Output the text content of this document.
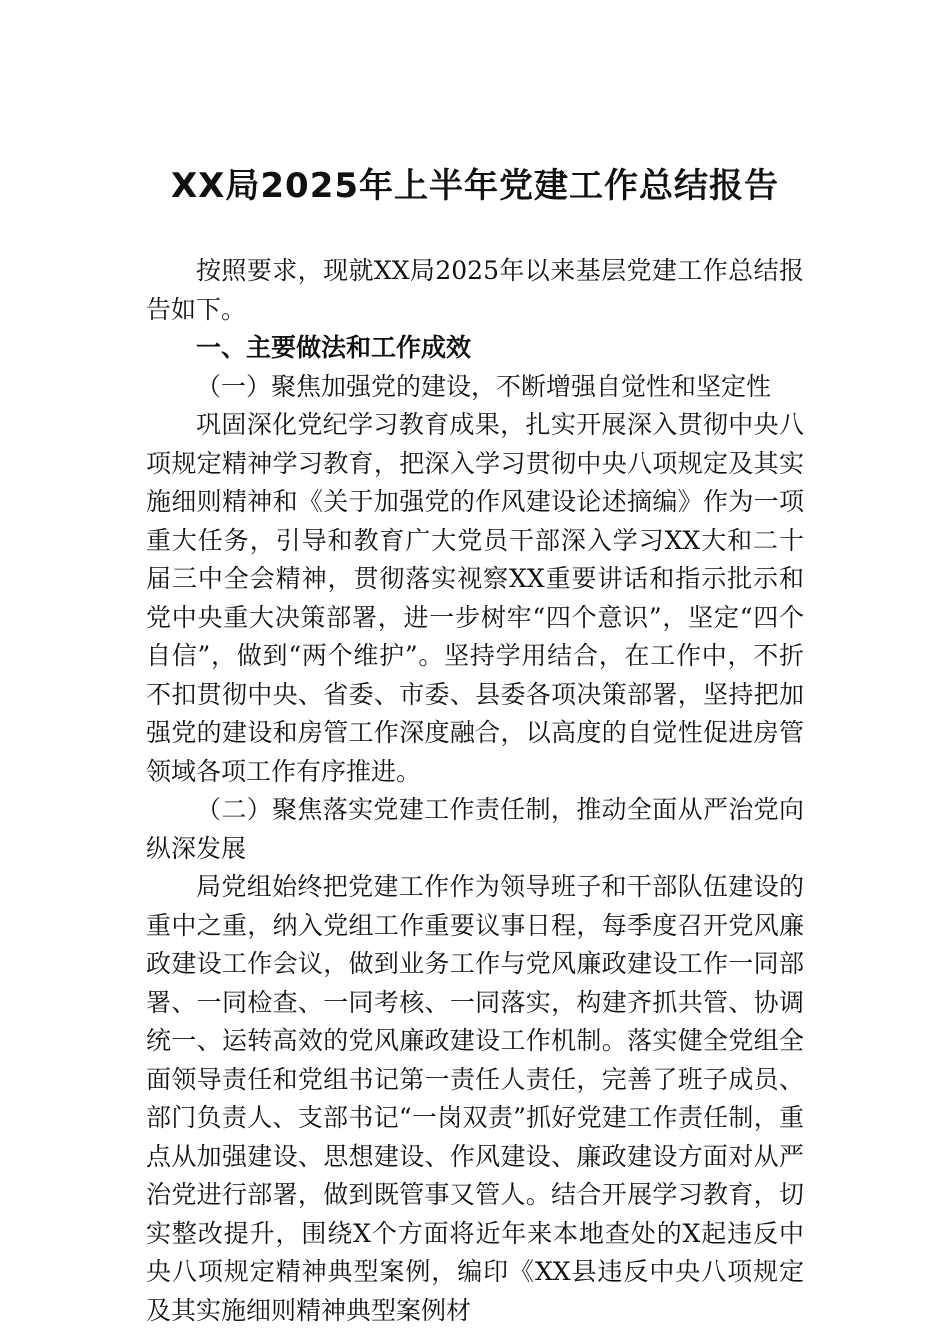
XX局2025年上半年党建工作总结报告

按照要求，现就XX局2025年以来基层党建工作总结报告如下。

一、主要做法和工作成效

（一）聚焦加强党的建设，不断增强自觉性和坚定性

巩固深化党纪学习教育成果，扎实开展深入贯彻中央八项规定精神学习教育，把深入学习贯彻中央八项规定及其实施细则精神和《关于加强党的作风建设论述摘编》作为一项重大任务，引导和教育广大党员干部深入学习XX大和二十届三中全会精神，贯彻落实视察XX重要讲话和指示批示和党中央重大决策部署，进一步树牢“四个意识”，坚定“四个自信”，做到“两个维护”。坚持学用结合，在工作中，不折不扣贯彻中央、省委、市委、县委各项决策部署，坚持把加强党的建设和房管工作深度融合，以高度的自觉性促进房管领域各项工作有序推进。

（二）聚焦落实党建工作责任制，推动全面从严治党向纵深发展

局党组始终把党建工作作为领导班子和干部队伍建设的重中之重，纳入党组工作重要议事日程，每季度召开党风廉政建设工作会议，做到业务工作与党风廉政建设工作一同部署、一同检查、一同考核、一同落实，构建齐抓共管、协调统一、运转高效的党风廉政建设工作机制。落实健全党组全面领导责任和党组书记第一责任人责任，完善了班子成员、部门负责人、支部书记“一岗双责”抓好党建工作责任制，重点从加强建设、思想建设、作风建设、廉政建设方面对从严治党进行部署，做到既管事又管人。结合开展学习教育，切实整改提升，围绕X个方面将近年来本地查处的X起违反中央八项规定精神典型案例，编印《XX县违反中央八项规定及其实施细则精神典型案例材
